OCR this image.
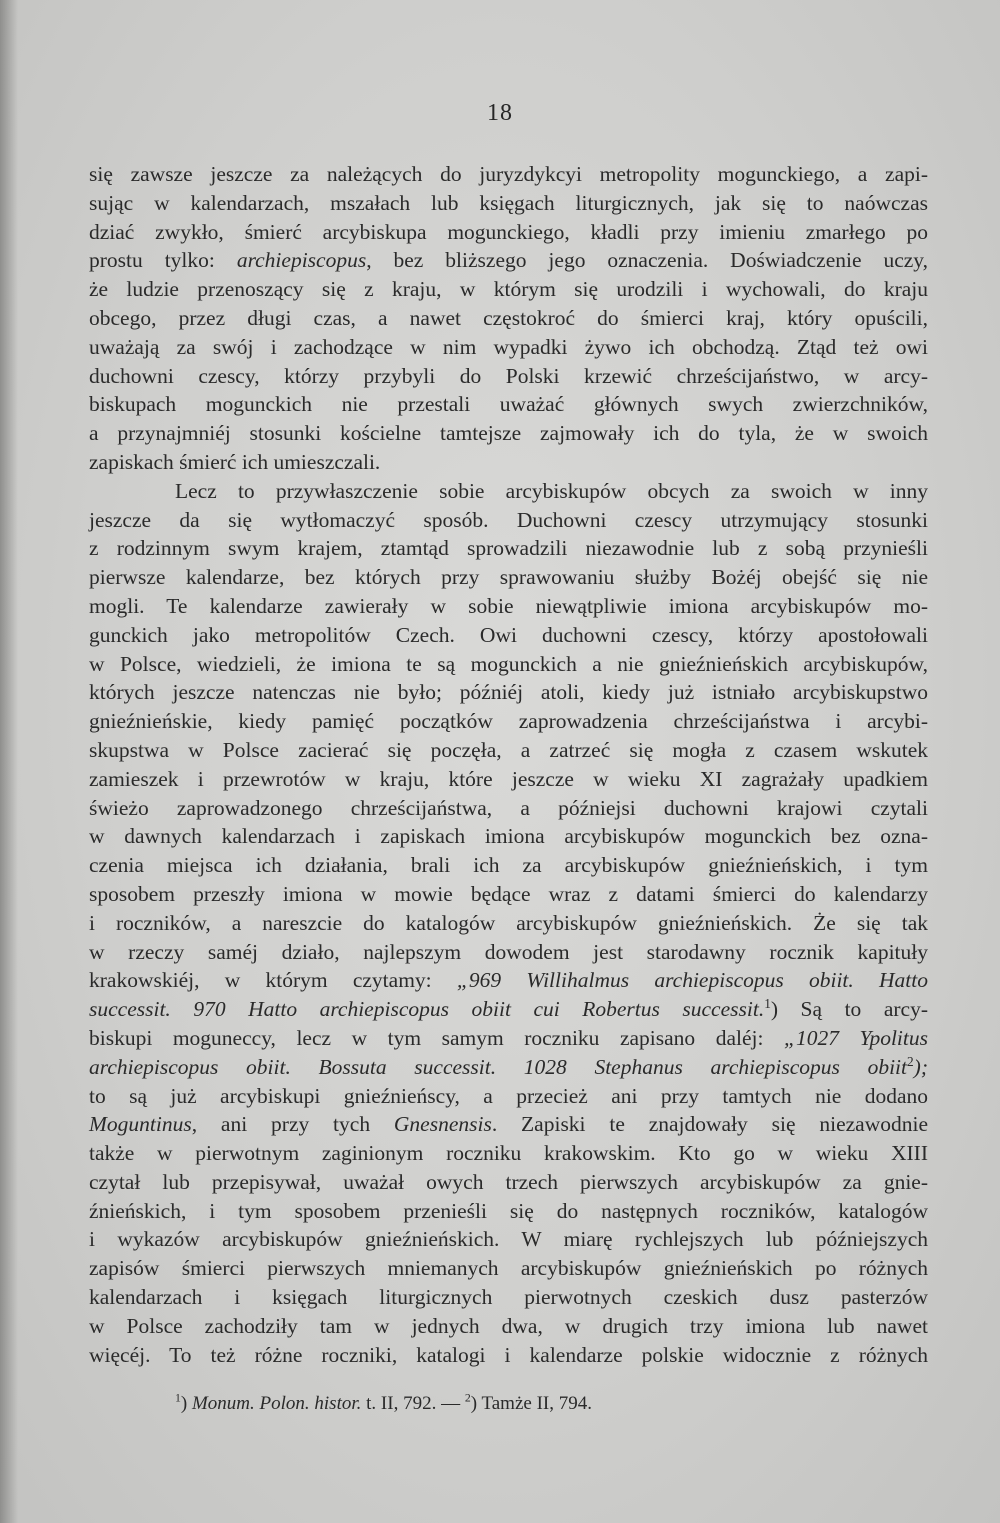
18
się zawsze jeszcze za należących do juryzdykcyi metropolity mogunckiego, a zapi-
sując w kalendarzach, mszałach lub księgach liturgicznych, jak się to naówczas
dziać zwykło, śmierć arcybiskupa mogunckiego, kładli przy imieniu zmarłego po
prostu tylko: archiepiscopus, bez bliższego jego oznaczenia. Doświadczenie uczy,
że ludzie przenoszący się z kraju, w którym się urodzili i wychowali, do kraju
obcego, przez długi czas, a nawet częstokroć do śmierci kraj, który opuścili,
uważają za swój i zachodzące w nim wypadki żywo ich obchodzą. Ztąd też owi
duchowni czescy, którzy przybyli do Polski krzewić chrześcijaństwo, w arcy-
biskupach mogunckich nie przestali uważać głównych swych zwierzchników,
a przynajmniéj stosunki kościelne tamtejsze zajmowały ich do tyla, że w swoich
zapiskach śmierć ich umieszczali.
Lecz to przywłaszczenie sobie arcybiskupów obcych za swoich w inny
jeszcze da się wytłomaczyć sposób. Duchowni czescy utrzymujący stosunki
z rodzinnym swym krajem, ztamtąd sprowadzili niezawodnie lub z sobą przynieśli
pierwsze kalendarze, bez których przy sprawowaniu służby Bożéj obejść się nie
mogli. Te kalendarze zawierały w sobie niewątpliwie imiona arcybiskupów mo-
gunckich jako metropolitów Czech. Owi duchowni czescy, którzy apostołowali
w Polsce, wiedzieli, że imiona te są mogunckich a nie gnieźnieńskich arcybiskupów,
których jeszcze natenczas nie było; późniéj atoli, kiedy już istniało arcybiskupstwo
gnieźnieńskie, kiedy pamięć początków zaprowadzenia chrześcijaństwa i arcybi-
skupstwa w Polsce zacierać się poczęła, a zatrzeć się mogła z czasem wskutek
zamieszek i przewrotów w kraju, które jeszcze w wieku XI zagrażały upadkiem
świeżo zaprowadzonego chrześcijaństwa, a późniejsi duchowni krajowi czytali
w dawnych kalendarzach i zapiskach imiona arcybiskupów mogunckich bez ozna-
czenia miejsca ich działania, brali ich za arcybiskupów gnieźnieńskich, i tym
sposobem przeszły imiona w mowie będące wraz z datami śmierci do kalendarzy
i roczników, a nareszcie do katalogów arcybiskupów gnieźnieńskich. Że się tak
w rzeczy saméj działo, najlepszym dowodem jest starodawny rocznik kapituły
krakowskiéj, w którym czytamy: „969 Willihalmus archiepiscopus obiit. Hatto
successit. 970 Hatto archiepiscopus obiit cui Robertus successit.$^1$) Są to arcy-
biskupi moguneccy, lecz w tym samym roczniku zapisano daléj: „1027 Ypolitus
archiepiscopus obiit. Bossuta successit. 1028 Stephanus archiepiscopus obiit$^2$);
to są już arcybiskupi gnieźnieńscy, a przecież ani przy tamtych nie dodano
Moguntinus, ani przy tych Gnesnensis. Zapiski te znajdowały się niezawodnie
także w pierwotnym zaginionym roczniku krakowskim. Kto go w wieku XIII
czytał lub przepisywał, uważał owych trzech pierwszych arcybiskupów za gnie-
źnieńskich, i tym sposobem przenieśli się do następnych roczników, katalogów
i wykazów arcybiskupów gnieźnieńskich. W miarę rychlejszych lub późniejszych
zapisów śmierci pierwszych mniemanych arcybiskupów gnieźnieńskich po różnych
kalendarzach i księgach liturgicznych pierwotnych czeskich dusz pasterzów
w Polsce zachodziły tam w jednych dwa, w drugich trzy imiona lub nawet
więcéj. To też różne roczniki, katalogi i kalendarze polskie widocznie z różnych
$^1$) Monum. Polon. histor. t. II, 792. — $^2$) Tamże II, 794.
